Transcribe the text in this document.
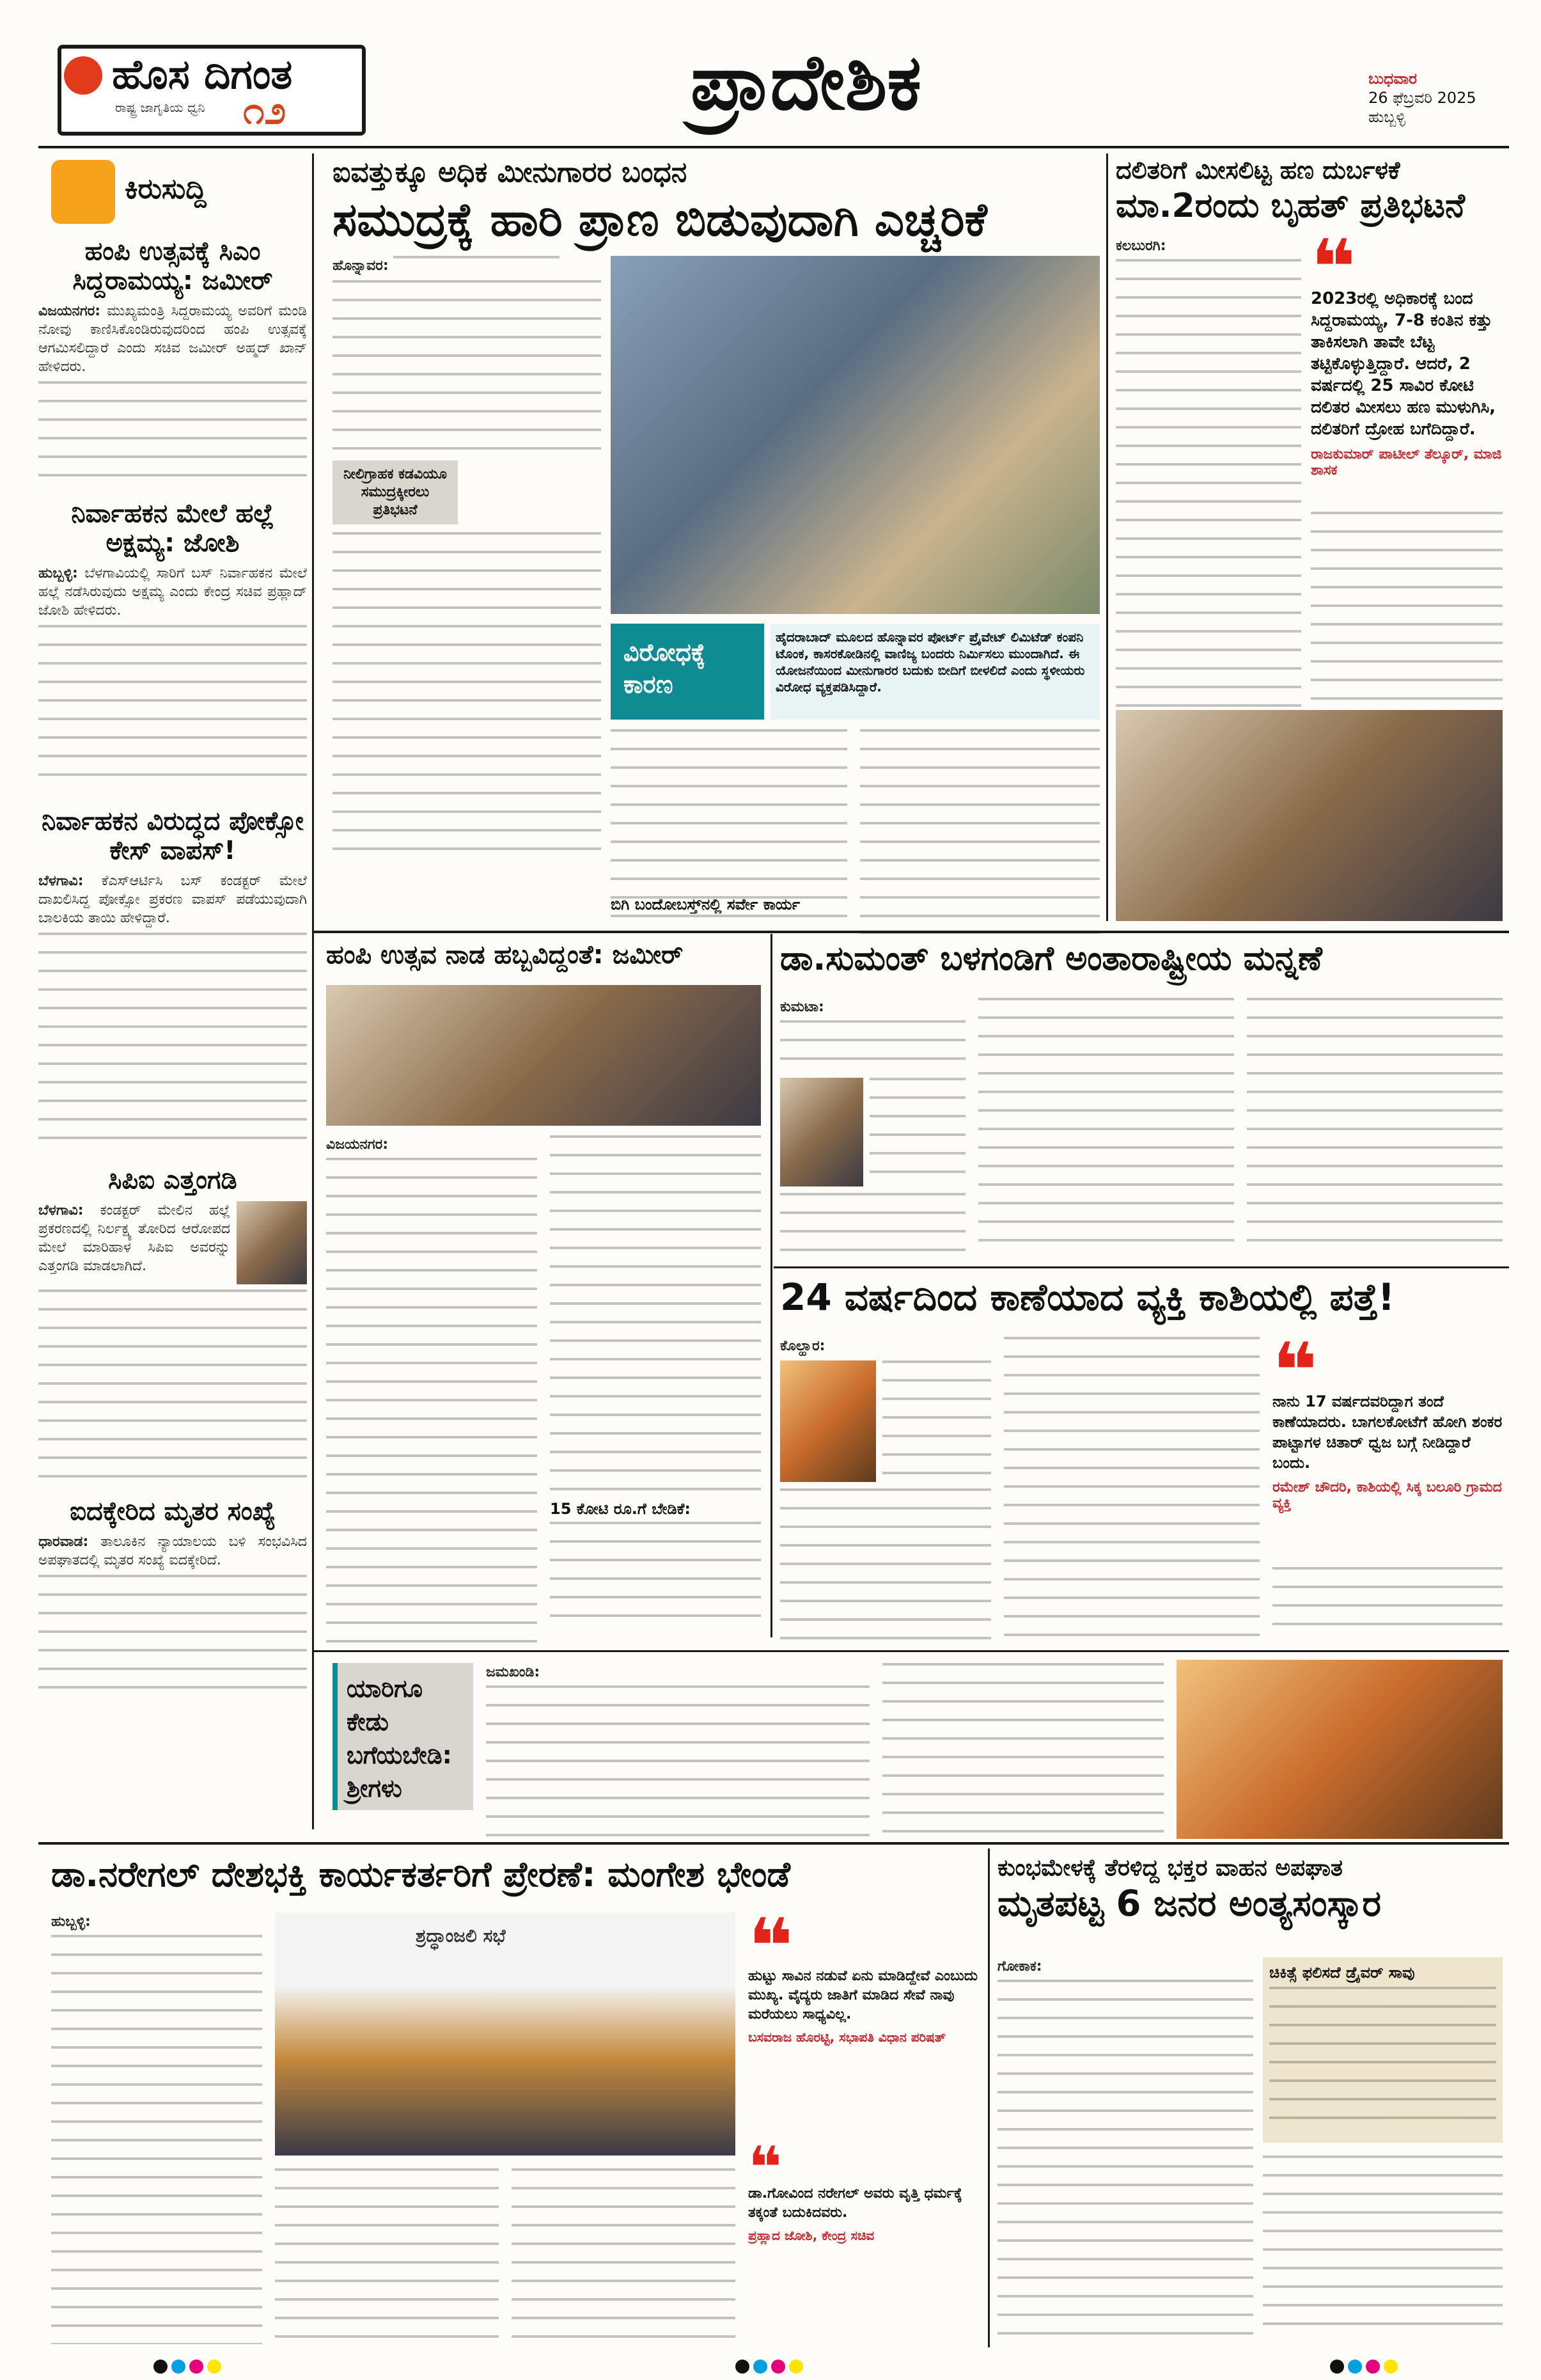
ಹೊಸ ದಿಗಂತ
ರಾಷ್ಟ್ರ ಜಾಗೃತಿಯ ಧ್ವನಿ ೧೨	ಪ್ರಾದೇಶಿಕ	ಬುಧವಾರ
26 ಫೆಬ್ರವರಿ 2025
ಹುಬ್ಬಳ್ಳಿ
ಕಿರುಸುದ್ದಿ
ಹಂಪಿ ಉತ್ಸವಕ್ಕೆ ಸಿಎಂ ಸಿದ್ದರಾಮಯ್ಯ: ಜಮೀರ್
ವಿಜಯನಗರ: ಮುಖ್ಯಮಂತ್ರಿ ಸಿದ್ದರಾಮಯ್ಯ ಅವರಿಗೆ ಮಂಡಿ ನೋವು ಕಾಣಿಸಿಕೊಂಡಿರುವುದರಿಂದ ಹಂಪಿ ಉತ್ಸವಕ್ಕೆ ಆಗಮಿಸಲಿದ್ದಾರೆ ಎಂದು ಸಚಿವ ಜಮೀರ್ ಅಹ್ಮದ್ ಖಾನ್ ಹೇಳಿದರು.
ನಿರ್ವಾಹಕನ ಮೇಲೆ ಹಲ್ಲೆ ಅಕ್ಷಮ್ಯ: ಜೋಶಿ
ಹುಬ್ಬಳ್ಳಿ: ಬೆಳಗಾವಿಯಲ್ಲಿ ಸಾರಿಗೆ ಬಸ್ ನಿರ್ವಾಹಕನ ಮೇಲೆ ಹಲ್ಲೆ ನಡೆಸಿರುವುದು ಅಕ್ಷಮ್ಯ ಎಂದು ಕೇಂದ್ರ ಸಚಿವ ಪ್ರಹ್ಲಾದ್ ಜೋಶಿ ಹೇಳಿದರು.
ನಿರ್ವಾಹಕನ ವಿರುದ್ಧದ ಪೋಕ್ಸೋ ಕೇಸ್ ವಾಪಸ್!
ಬೆಳಗಾವಿ: ಕೆಎಸ್ಆರ್ಟಿಸಿ ಬಸ್ ಕಂಡಕ್ಟರ್ ಮೇಲೆ ದಾಖಲಿಸಿದ್ದ ಪೋಕ್ಸೋ ಪ್ರಕರಣ ವಾಪಸ್ ಪಡೆಯುವುದಾಗಿ ಬಾಲಕಿಯ ತಾಯಿ ಹೇಳಿದ್ದಾರೆ.
ಸಿಪಿಐ ಎತ್ತಂಗಡಿ
ಬೆಳಗಾವಿ: ಕಂಡಕ್ಟರ್ ಮೇಲಿನ ಹಲ್ಲೆ ಪ್ರಕರಣದಲ್ಲಿ ನಿರ್ಲಕ್ಷ್ಯ ತೋರಿದ ಆರೋಪದ ಮೇಲೆ ಮಾರಿಹಾಳ ಸಿಪಿಐ ಅವರನ್ನು ಎತ್ತಂಗಡಿ ಮಾಡಲಾಗಿದೆ.
ಐದಕ್ಕೇರಿದ ಮೃತರ ಸಂಖ್ಯೆ
ಧಾರವಾಡ: ತಾಲೂಕಿನ ನ್ಯಾಯಾಲಯ ಬಳಿ ಸಂಭವಿಸಿದ ಅಪಘಾತದಲ್ಲಿ ಮೃತರ ಸಂಖ್ಯೆ ಐದಕ್ಕೇರಿದೆ.
ಐವತ್ತುಕ್ಕೂ ಅಧಿಕ ಮೀನುಗಾರರ ಬಂಧನ
ಸಮುದ್ರಕ್ಕೆ ಹಾರಿ ಪ್ರಾಣ ಬಿಡುವುದಾಗಿ ಎಚ್ಚರಿಕೆ
ಹೊನ್ನಾವರ:
ನೀಲಿಗ್ರಾಹಕ ಕಡವಿಯೂ ಸಮುದ್ರಕ್ಕೀರಲು ಪ್ರತಿಭಟನೆ
ವಿರೋಧಕ್ಕೆ ಕಾರಣ
ಹೈದರಾಬಾದ್ ಮೂಲದ ಹೊನ್ನಾವರ ಪೋರ್ಟ್ ಪ್ರೈವೇಟ್ ಲಿಮಿಟೆಡ್ ಕಂಪನಿ ಟೊಂಕ, ಕಾಸರಕೋಡಿನಲ್ಲಿ ವಾಣಿಜ್ಯ ಬಂದರು ನಿರ್ಮಿಸಲು ಮುಂದಾಗಿದೆ. ಈ ಯೋಜನೆಯಿಂದ ಮೀನುಗಾರರ ಬದುಕು ಬೀದಿಗೆ ಬೀಳಲಿದೆ ಎಂದು ಸ್ಥಳೀಯರು ವಿರೋಧ ವ್ಯಕ್ತಪಡಿಸಿದ್ದಾರೆ.
ಬಿಗಿ ಬಂದೋಬಸ್ತ್‌ನಲ್ಲಿ ಸರ್ವೇ ಕಾರ್ಯ
ದಲಿತರಿಗೆ ಮೀಸಲಿಟ್ಟ ಹಣ ದುರ್ಬಳಕೆ
ಮಾ.2ರಂದು ಬೃಹತ್ ಪ್ರತಿಭಟನೆ
ಕಲಬುರಗಿ:	❝
2023ರಲ್ಲಿ ಅಧಿಕಾರಕ್ಕೆ ಬಂದ ಸಿದ್ದರಾಮಯ್ಯ, 7-8 ಕಂತಿನ ಕತ್ತು ತಾಕಿಸಲಾಗಿ ತಾವೇ ಬೆಟ್ಟ ತಟ್ಟಿಕೊಳ್ಳುತ್ತಿದ್ದಾರೆ. ಆದರೆ, 2 ವರ್ಷದಲ್ಲಿ 25 ಸಾವಿರ ಕೋಟಿ ದಲಿತರ ಮೀಸಲು ಹಣ ಮುಳುಗಿಸಿ, ದಲಿತರಿಗೆ ದ್ರೋಹ ಬಗೆದಿದ್ದಾರೆ.
ರಾಜಕುಮಾರ್ ಪಾಟೀಲ್ ತೆಲ್ಕೂರ್, ಮಾಜಿ ಶಾಸಕ
ಹಂಪಿ ಉತ್ಸವ ನಾಡ ಹಬ್ಬವಿದ್ದಂತೆ: ಜಮೀರ್
ವಿಜಯನಗರ:
15 ಕೋಟಿ ರೂ.ಗೆ ಬೇಡಿಕೆ:
ಡಾ.ಸುಮಂತ್ ಬಳಗಂಡಿಗೆ ಅಂತಾರಾಷ್ಟ್ರೀಯ ಮನ್ನಣೆ
ಕುಮಟಾ:
24 ವರ್ಷದಿಂದ ಕಾಣೆಯಾದ ವ್ಯಕ್ತಿ ಕಾಶಿಯಲ್ಲಿ ಪತ್ತೆ!
ಕೊಲ್ಹಾರ:	❝
ನಾನು 17 ವರ್ಷದವರಿದ್ದಾಗ ತಂದೆ ಕಾಣೆಯಾದರು. ಬಾಗಲಕೋಟೆಗೆ ಹೋಗಿ ಶಂಕರ ಪಾಟ್ಟಾಗಳ ಚಿತಾರ್ ಧ್ವಜ ಬಗ್ಗೆ ನೀಡಿದ್ದಾರೆ ಬಂದು.
ರಮೇಶ್ ಚೌದರಿ, ಕಾಶಿಯಲ್ಲಿ ಸಿಕ್ಕ ಬಲೂರಿ ಗ್ರಾಮದ ವ್ಯಕ್ತಿ
ಯಾರಿಗೂ ಕೇಡು ಬಗೆಯಬೇಡಿ: ಶ್ರೀಗಳು
ಜಮಖಂಡಿ:
ಡಾ.ನರೇಗಲ್ ದೇಶಭಕ್ತಿ ಕಾರ್ಯಕರ್ತರಿಗೆ ಪ್ರೇರಣೆ: ಮಂಗೇಶ ಭೇಂಡೆ
ಹುಬ್ಬಳ್ಳಿ:
ಶ್ರದ್ಧಾಂಜಲಿ ಸಭೆ	❝
ಹುಟ್ಟು ಸಾವಿನ ನಡುವೆ ಏನು ಮಾಡಿದ್ದೇವೆ ಎಂಬುದು ಮುಖ್ಯ. ವೈದ್ಯರು ಜಾತಿಗೆ ಮಾಡಿದ ಸೇವೆ ನಾವು ಮರೆಯಲು ಸಾಧ್ಯವಿಲ್ಲ.
ಬಸವರಾಜ ಹೊರಟ್ಟಿ, ಸಭಾಪತಿ ವಿಧಾನ ಪರಿಷತ್
❝
ಡಾ.ಗೋವಿಂದ ನರೇಗಲ್ ಅವರು ವೃತ್ತಿ ಧರ್ಮಕ್ಕೆ ತಕ್ಕಂತೆ ಬದುಕಿದವರು.
ಪ್ರಹ್ಲಾದ ಜೋಶಿ, ಕೇಂದ್ರ ಸಚಿವ
ಕುಂಭಮೇಳಕ್ಕೆ ತೆರಳಿದ್ದ ಭಕ್ತರ ವಾಹನ ಅಪಘಾತ
ಮೃತಪಟ್ಟ 6 ಜನರ ಅಂತ್ಯಸಂಸ್ಕಾರ
ಗೋಕಾಕ:	ಚಿಕಿತ್ಸೆ ಫಲಿಸದೆ ಡ್ರೈವರ್ ಸಾವು
